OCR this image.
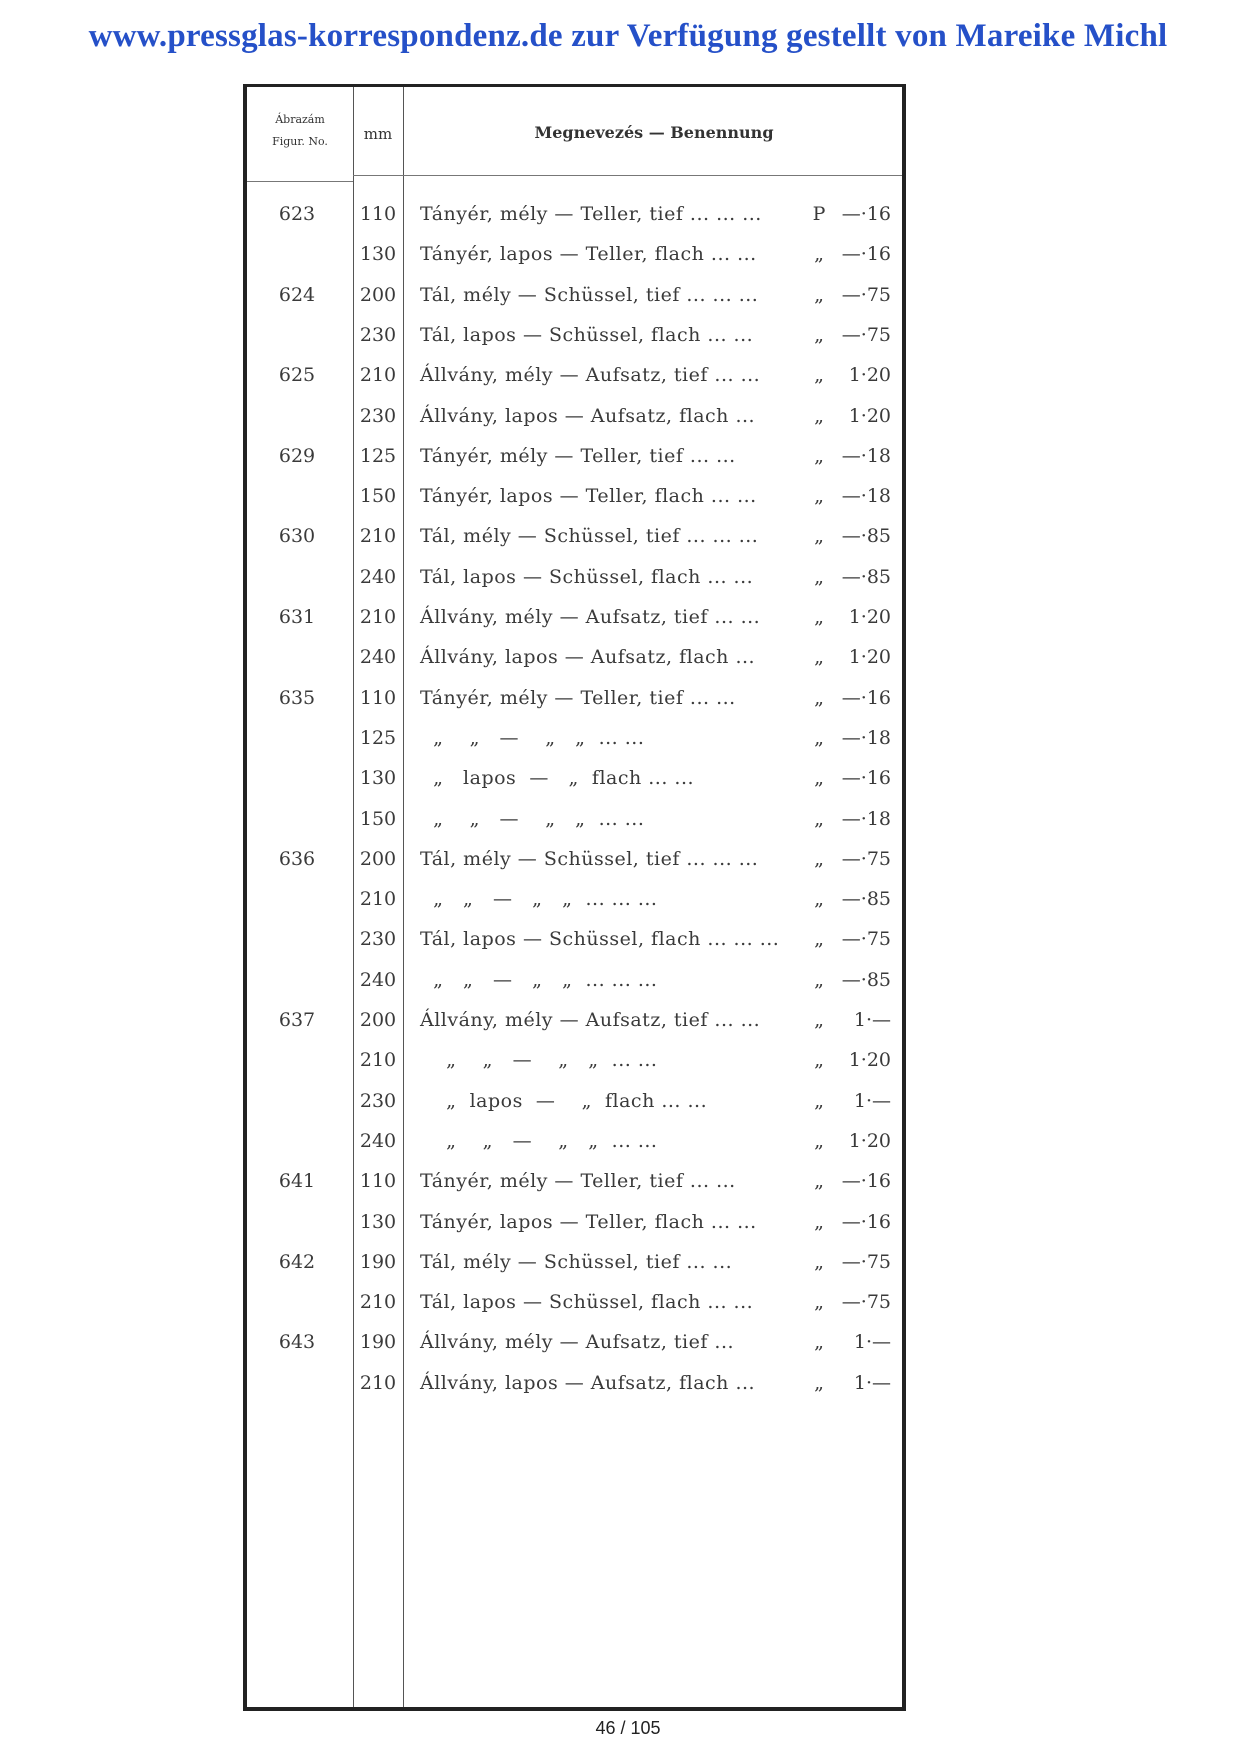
www.pressglas-korrespondenz.de zur Verfügung gestellt von Mareike Michl
Ábrazám
Figur. No.	mm	Megnevezés — Benennung
623	110	Tányér, mély — Teller, tief ... ... ...	P —·16
130	Tányér, lapos — Teller, flach ... ...	„ —·16
624	200	Tál, mély — Schüssel, tief ... ... ...	„ —·75
230	Tál, lapos — Schüssel, flach ... ...	„ —·75
625	210	Állvány, mély — Aufsatz, tief ... ...	„	1·20
230	Állvány, lapos — Aufsatz, flach ...	„	1·20
629	125	Tányér, mély — Teller, tief ... ...	„ —·18
150	Tányér, lapos — Teller, flach ... ...	„ —·18
630	210	Tál, mély — Schüssel, tief ... ... ...	„ —·85
240	Tál, lapos — Schüssel, flach ... ...	„ —·85
631	210	Állvány, mély — Aufsatz, tief ... ...	„	1·20
240	Állvány, lapos — Aufsatz, flach ...	„	1·20
635	110	Tányér, mély — Teller, tief ... ...	„ —·16
125	„    „   —    „   „  ... ...	„ —·18
130	„   lapos  —   „  flach ... ...	„ —·16
150	„    „   —    „   „  ... ...	„ —·18
636	200	Tál, mély — Schüssel, tief ... ... ...	„ —·75
210	„   „   —   „   „  ... ... ...	„ —·85
230	Tál, lapos — Schüssel, flach ... ... ...	„ —·75
240	„   „   —   „   „  ... ... ...	„ —·85
637	200	Állvány, mély — Aufsatz, tief ... ...	„	1·—
210	„    „   —    „   „  ... ...	„	1·20
230	„  lapos  —    „  flach ... ...	„	1·—
240	„    „   —    „   „  ... ...	„	1·20
641	110	Tányér, mély — Teller, tief ... ...	„ —·16
130	Tányér, lapos — Teller, flach ... ...	„ —·16
642	190	Tál, mély — Schüssel, tief ... ...	„ —·75
210	Tál, lapos — Schüssel, flach ... ...	„ —·75
643	190	Állvány, mély — Aufsatz, tief ...	„	1·—
210	Állvány, lapos — Aufsatz, flach ...	„	1·—
46 / 105
